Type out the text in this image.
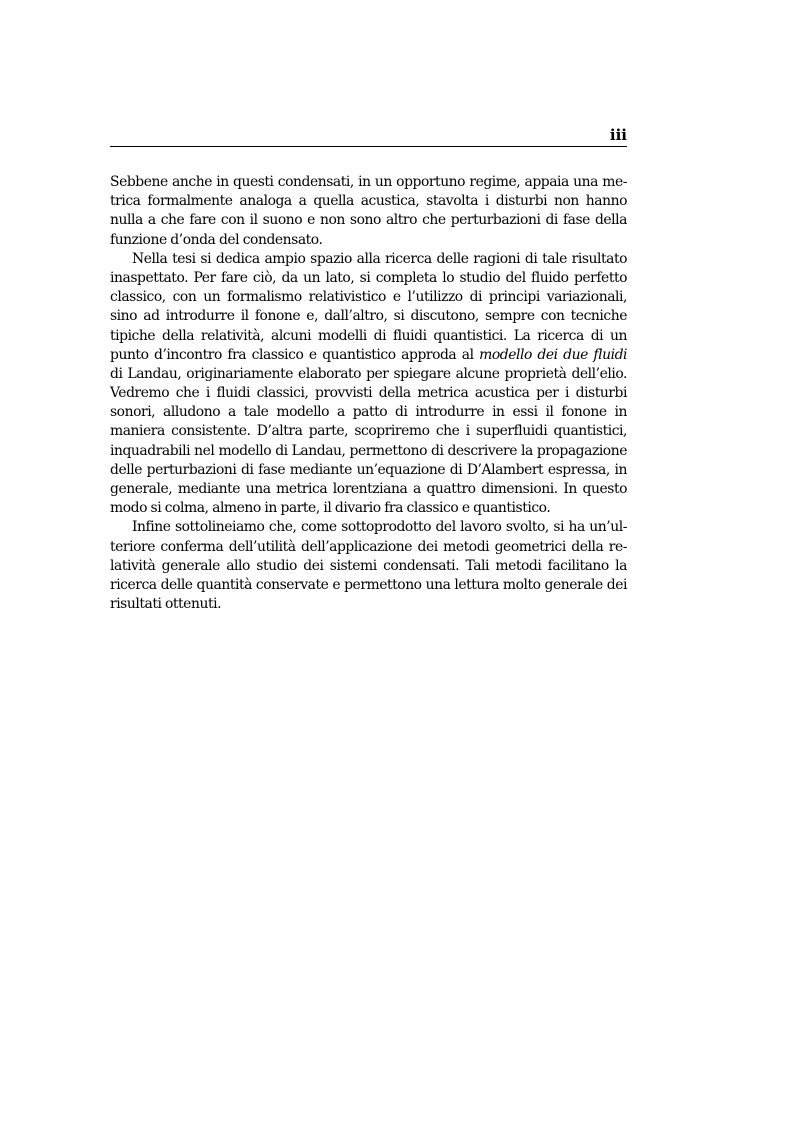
iii

Sebbene anche in questi condensati, in un opportuno regime, appaia una me-
trica formalmente analoga a quella acustica, stavolta i disturbi non hanno
nulla a che fare con il suono e non sono altro che perturbazioni di fase della
funzione d’onda del condensato.

Nella tesi si dedica ampio spazio alla ricerca delle ragioni di tale risultato
inaspettato. Per fare ciò, da un lato, si completa lo studio del fluido perfetto
classico, con un formalismo relativistico e l’utilizzo di principi variazionali,
sino ad introdurre il fonone e, dall’altro, si discutono, sempre con tecniche
tipiche della relatività, alcuni modelli di fluidi quantistici. La ricerca di un
punto d’incontro fra classico e quantistico approda al modello dei due fluidi
di Landau, originariamente elaborato per spiegare alcune proprietà dell’elio.
Vedremo che i fluidi classici, provvisti della metrica acustica per i disturbi
sonori, alludono a tale modello a patto di introdurre in essi il fonone in
maniera consistente. D’altra parte, scopriremo che i superfluidi quantistici,
inquadrabili nel modello di Landau, permettono di descrivere la propagazione
delle perturbazioni di fase mediante un’equazione di D’Alambert espressa, in
generale, mediante una metrica lorentziana a quattro dimensioni. In questo
modo si colma, almeno in parte, il divario fra classico e quantistico.

Infine sottolineiamo che, come sottoprodotto del lavoro svolto, si ha un’ul-
teriore conferma dell’utilità dell’applicazione dei metodi geometrici della re-
latività generale allo studio dei sistemi condensati. Tali metodi facilitano la
ricerca delle quantità conservate e permettono una lettura molto generale dei
risultati ottenuti.
